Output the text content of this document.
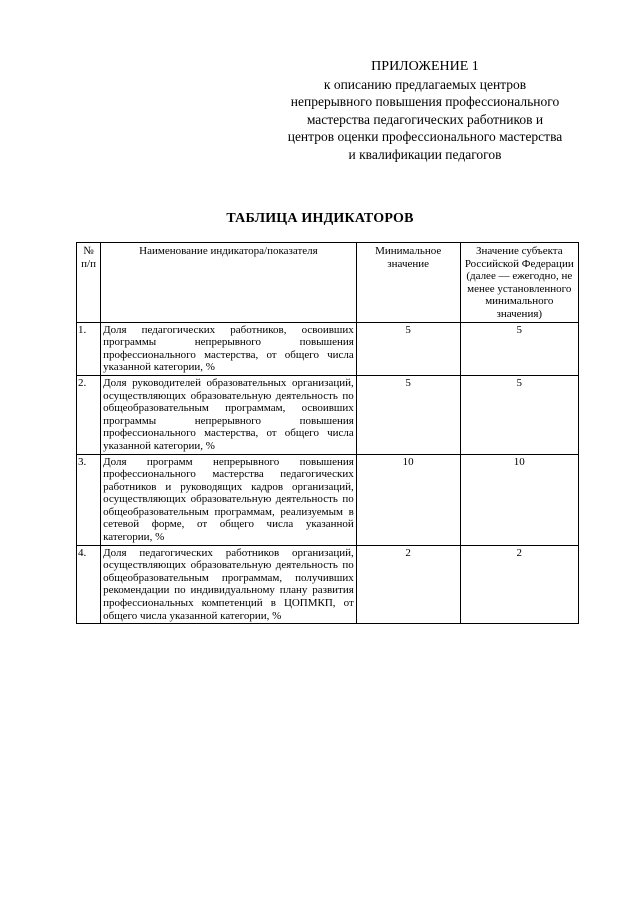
ПРИЛОЖЕНИЕ 1
к описанию предлагаемых центров
непрерывного повышения профессионального
мастерства педагогических работников и
центров оценки профессионального мастерства
и квалификации педагогов
ТАБЛИЦА ИНДИКАТОРОВ
№ п/п	Наименование индикатора/показателя	Минимальное значение	Значение субъекта Российской Федерации (далее — ежегодно, не менее установленного минимального значения)
1.	Доля педагогических работников, освоивших программы непрерывного повышения профессионального мастерства, от общего числа указанной категории, %	5	5
2.	Доля руководителей образовательных организаций, осуществляющих образовательную деятельность по общеобразовательным программам, освоивших программы непрерывного повышения профессионального мастерства, от общего числа указанной категории, %	5	5
3.	Доля программ непрерывного повышения профессионального мастерства педагогических работников и руководящих кадров организаций, осуществляющих образовательную деятельность по общеобразовательным программам, реализуемым в сетевой форме, от общего числа указанной категории, %	10	10
4.	Доля педагогических работников организаций, осуществляющих образовательную деятельность по общеобразовательным программам, получивших рекомендации по индивидуальному плану развития профессиональных компетенций в ЦОПМКП, от общего числа указанной категории, %	2	2
